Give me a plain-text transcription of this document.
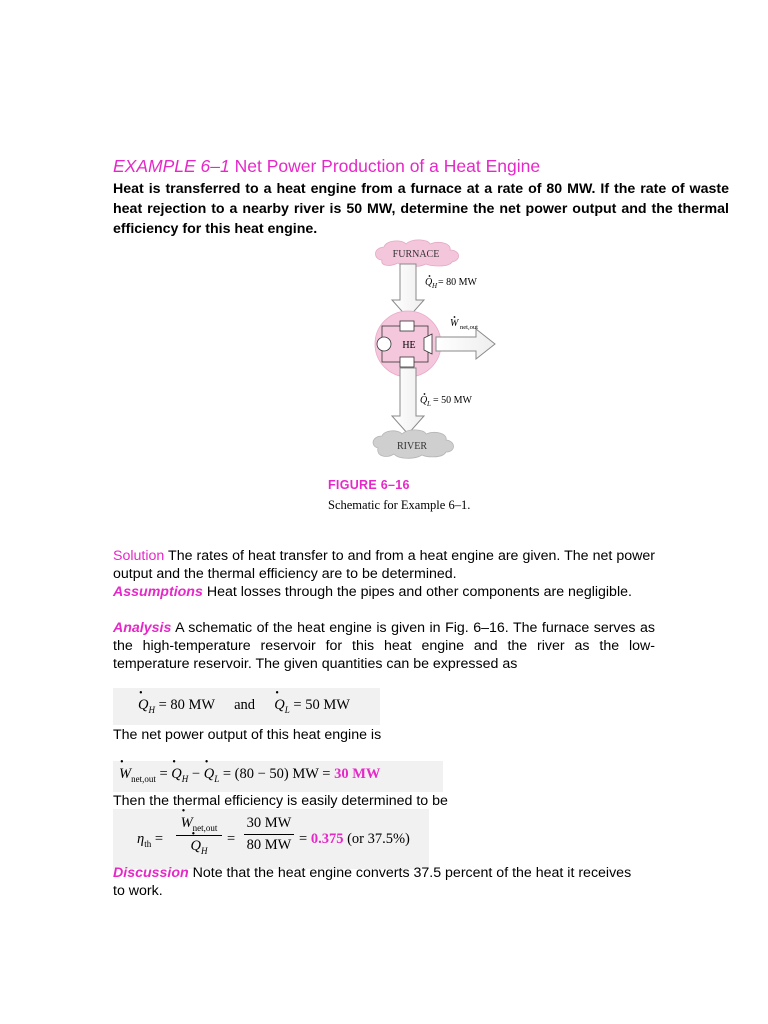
EXAMPLE 6–1 Net Power Production of a Heat Engine
Heat is transferred to a heat engine from a furnace at a rate of 80 MW. If the rate of waste heat rejection to a nearby river is 50 MW, determine the net power output and the thermal efficiency for this heat engine.
FURNACE
Q H = 80 MW
HE
W net,out
Q L = 50 MW
RIVER
FIGURE 6–16
Schematic for Example 6–1.
Solution The rates of heat transfer to and from a heat engine are given. The net power output and the thermal efficiency are to be determined.
Assumptions Heat losses through the pipes and other components are negligible.
Analysis A schematic of the heat engine is given in Fig. 6–16. The furnace serves as the high-temperature reservoir for this heat engine and the river as the low-temperature reservoir. The given quantities can be expressed as
• $Q_H = 80$ MW and  • $Q_L = 50$ MW
The net power output of this heat engine is
• $W_{net,out}$ = • $Q_H$ − • $Q_L = (80 - 50)$ MW = 30 MW
Then the thermal efficiency is easily determined to be
$\eta_{th}$ =
• $W_{net,out}$
• $Q_H$
= $\frac{30 MW}{80 MW} = 0.375$ (or 37.5%)
Discussion Note that the heat engine converts 37.5 percent of the heat it receives to work.
